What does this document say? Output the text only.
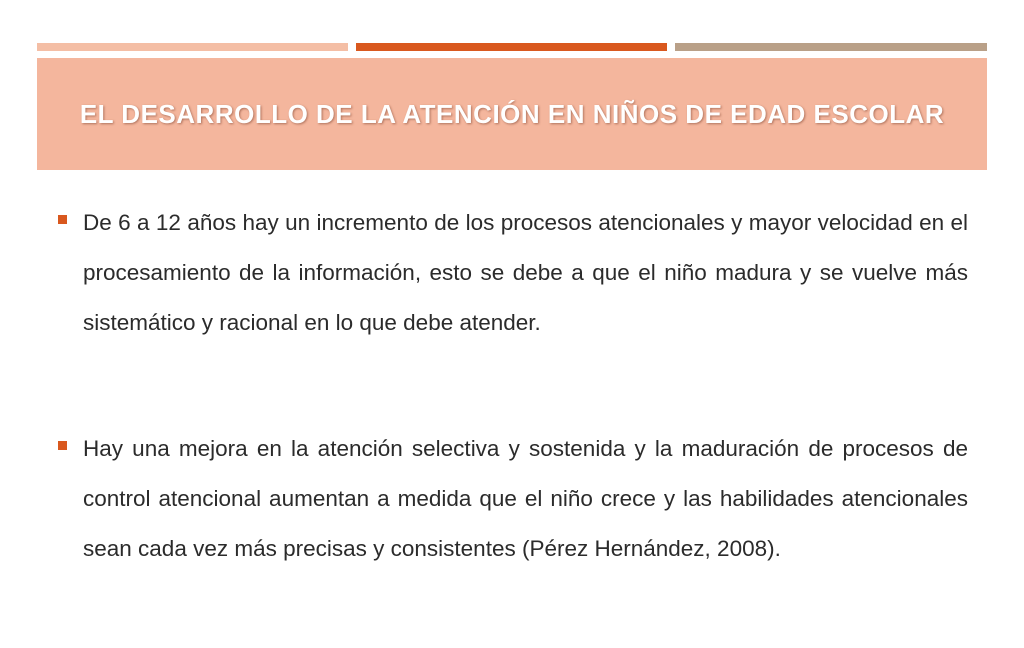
EL DESARROLLO DE LA ATENCIÓN EN NIÑOS DE EDAD ESCOLAR

De 6 a 12 años hay un incremento de los procesos atencionales y mayor velocidad en el procesamiento de la información, esto se debe a que el niño madura y se vuelve más sistemático y racional en lo que debe atender.

Hay una mejora en la atención selectiva y sostenida y la maduración de procesos de control atencional aumentan a medida que el niño crece y las habilidades atencionales sean cada vez más precisas y consistentes (Pérez Hernández, 2008).
